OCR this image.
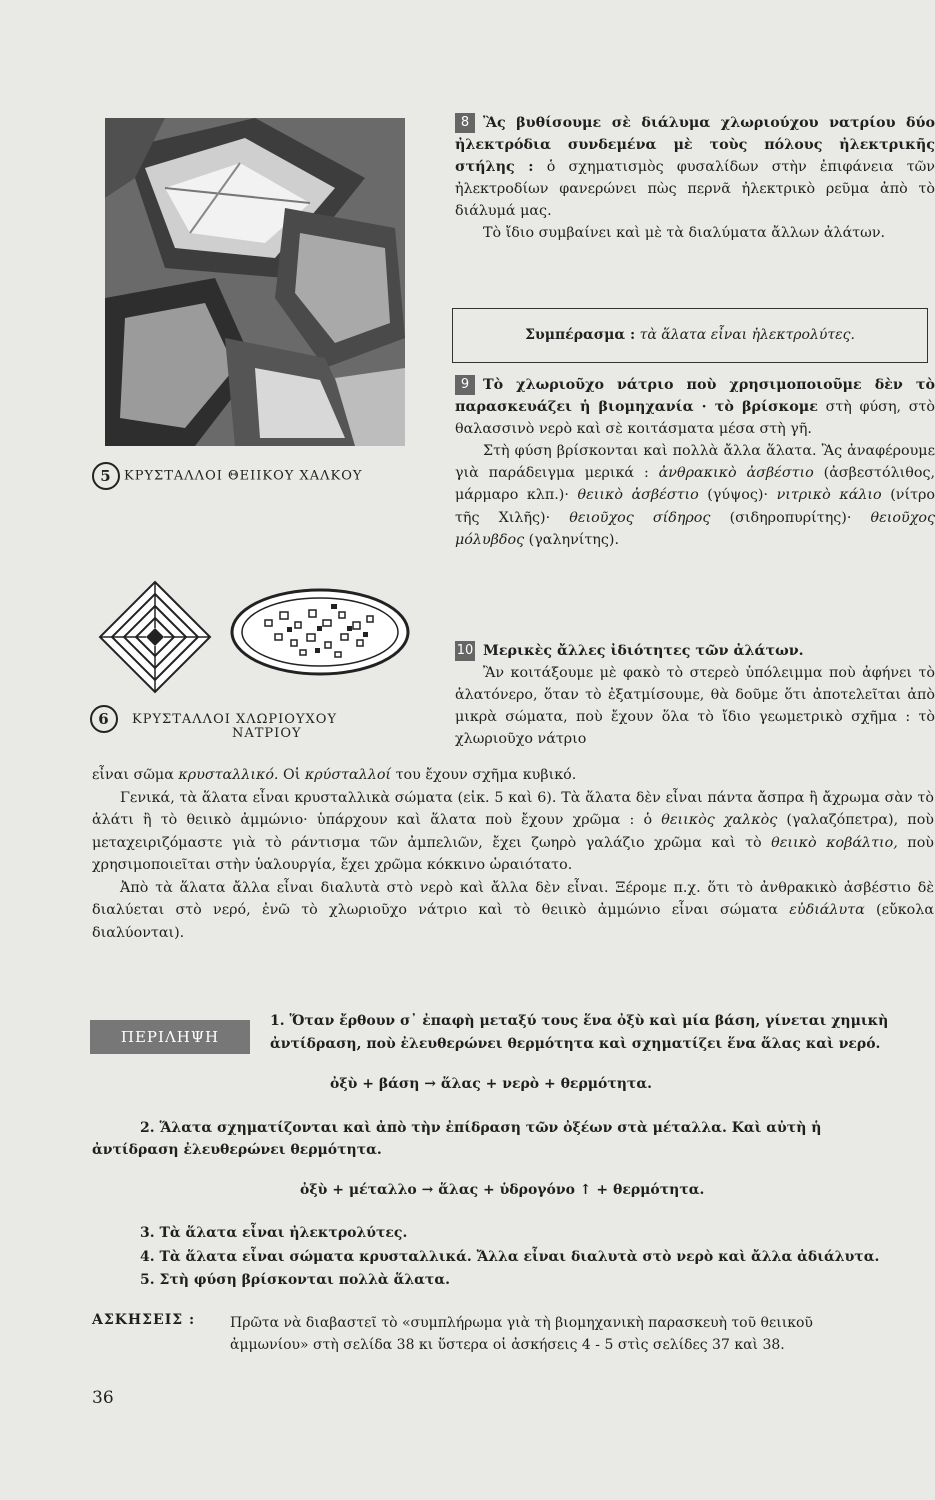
5 ΚΡΥΣΤΑΛΛΟΙ ΘΕΙΙΚΟΥ ΧΑΛΚΟΥ
6 ΚΡΥΣΤΑΛΛΟΙ ΧΛΩΡΙΟΥΧΟΥ
ΝΑΤΡΙΟΥ

8 Ἂς βυθίσουμε σὲ διάλυμα χλωριούχου νατρίου δύο ἠλεκτρόδια συνδεμένα μὲ τοὺς πόλους ἠλεκτρικῆς στήλης : ὁ σχηματισμὸς φυσαλίδων στὴν ἐπιφάνεια τῶν ἠλεκτροδίων φανερώνει πὼς περνᾶ ἠλεκτρικὸ ρεῦμα ἀπὸ τὸ διάλυμά μας.

Τὸ ἴδιο συμβαίνει καὶ μὲ τὰ διαλύματα ἄλλων ἀλάτων.

Συμπέρασμα : τὰ ἅλατα εἶναι ἠλεκτρολύτες.

9 Τὸ χλωριοῦχο νάτριο ποὺ χρησιμοποιοῦμε δὲν τὸ παρασκευάζει ἡ βιομηχανία · τὸ βρίσκομε στὴ φύση, στὸ θαλασσινὸ νερὸ καὶ σὲ κοιτάσματα μέσα στὴ γῆ.

Στὴ φύση βρίσκονται καὶ πολλὰ ἄλλα ἅλατα. Ἂς ἀναφέρουμε γιὰ παράδειγμα μερικά : ἀνθρακικὸ ἀσβέστιο (ἀσβεστόλιθος, μάρμαρο κλπ.)· θειικὸ ἀσβέστιο (γύψος)· νιτρικὸ κάλιο (νίτρο τῆς Χιλῆς)· θειοῦχος σίδηρος (σιδηροπυρίτης)· θειοῦχος μόλυβδος (γαληνίτης).

10 Μερικὲς ἄλλες ἰδιότητες τῶν ἀλάτων.

Ἂν κοιτάξουμε μὲ φακὸ τὸ στερεὸ ὑπόλειμμα ποὺ ἀφήνει τὸ ἁλατόνερο, ὅταν τὸ ἐξατμίσουμε, θὰ δοῦμε ὅτι ἀποτελεῖται ἀπὸ μικρὰ σώματα, ποὺ ἔχουν ὅλα τὸ ἴδιο γεωμετρικὸ σχῆμα : τὸ χλωριοῦχο νάτριο

εἶναι σῶμα κρυσταλλικό. Οἱ κρύσταλλοί του ἔχουν σχῆμα κυβικό.

Γενικά, τὰ ἅλατα εἶναι κρυσταλλικὰ σώματα (εἰκ. 5 καὶ 6). Τὰ ἅλατα δὲν εἶναι πάντα ἄσπρα ἢ ἄχρωμα σὰν τὸ ἁλάτι ἢ τὸ θειικὸ ἀμμώνιο· ὑπάρχουν καὶ ἅλατα ποὺ ἔχουν χρῶμα : ὁ θειικὸς χαλκὸς (γαλαζόπετρα), ποὺ μεταχειριζόμαστε γιὰ τὸ ράντισμα τῶν ἀμπελιῶν, ἔχει ζωηρὸ γαλάζιο χρῶμα καὶ τὸ θειικὸ κοβάλτιο, ποὺ χρησιμοποιεῖται στὴν ὑαλουργία, ἔχει χρῶμα κόκκινο ὡραιότατο.

Ἀπὸ τὰ ἅλατα ἄλλα εἶναι διαλυτὰ στὸ νερὸ καὶ ἄλλα δὲν εἶναι. Ξέρομε π.χ. ὅτι τὸ ἀνθρακικὸ ἀσβέστιο δὲ διαλύεται στὸ νερό, ἐνῶ τὸ χλωριοῦχο νάτριο καὶ τὸ θειικὸ ἀμμώνιο εἶναι σώματα εὐδιάλυτα (εὔκολα διαλύονται).

ΠΕΡΙΛΗΨΗ
1. Ὅταν ἔρθουν σ᾿ ἐπαφὴ μεταξύ τους ἕνα ὀξὺ καὶ μία βάση, γίνεται χημικὴ
ἀντίδραση, ποὺ ἐλευθερώνει θερμότητα καὶ σχηματίζει ἕνα ἅλας καὶ νερό.
ὀξὺ + βάση → ἅλας + νερὸ + θερμότητα.
2. Ἅλατα σχηματίζονται καὶ ἀπὸ τὴν ἐπίδραση τῶν ὀξέων στὰ μέταλλα. Καὶ αὐτὴ ἡ
ἀντίδραση ἐλευθερώνει θερμότητα.
ὀξὺ + μέταλλο → ἅλας + ὑδρογόνο ↑ + θερμότητα.
3. Τὰ ἅλατα εἶναι ἠλεκτρολύτες.
4. Τὰ ἅλατα εἶναι σώματα κρυσταλλικά. Ἄλλα εἶναι διαλυτὰ στὸ νερὸ καὶ ἄλλα ἀδιάλυτα.
5. Στὴ φύση βρίσκονται πολλὰ ἅλατα.
ΑΣΚΗΣΕΙΣ : Πρῶτα νὰ διαβαστεῖ τὸ «συμπλήρωμα γιὰ τὴ βιομηχανικὴ παρασκευὴ τοῦ θειικοῦ
ἀμμωνίου» στὴ σελίδα 38 κι ὕστερα οἱ ἀσκήσεις 4 - 5 στὶς σελίδες 37 καὶ 38.
36
